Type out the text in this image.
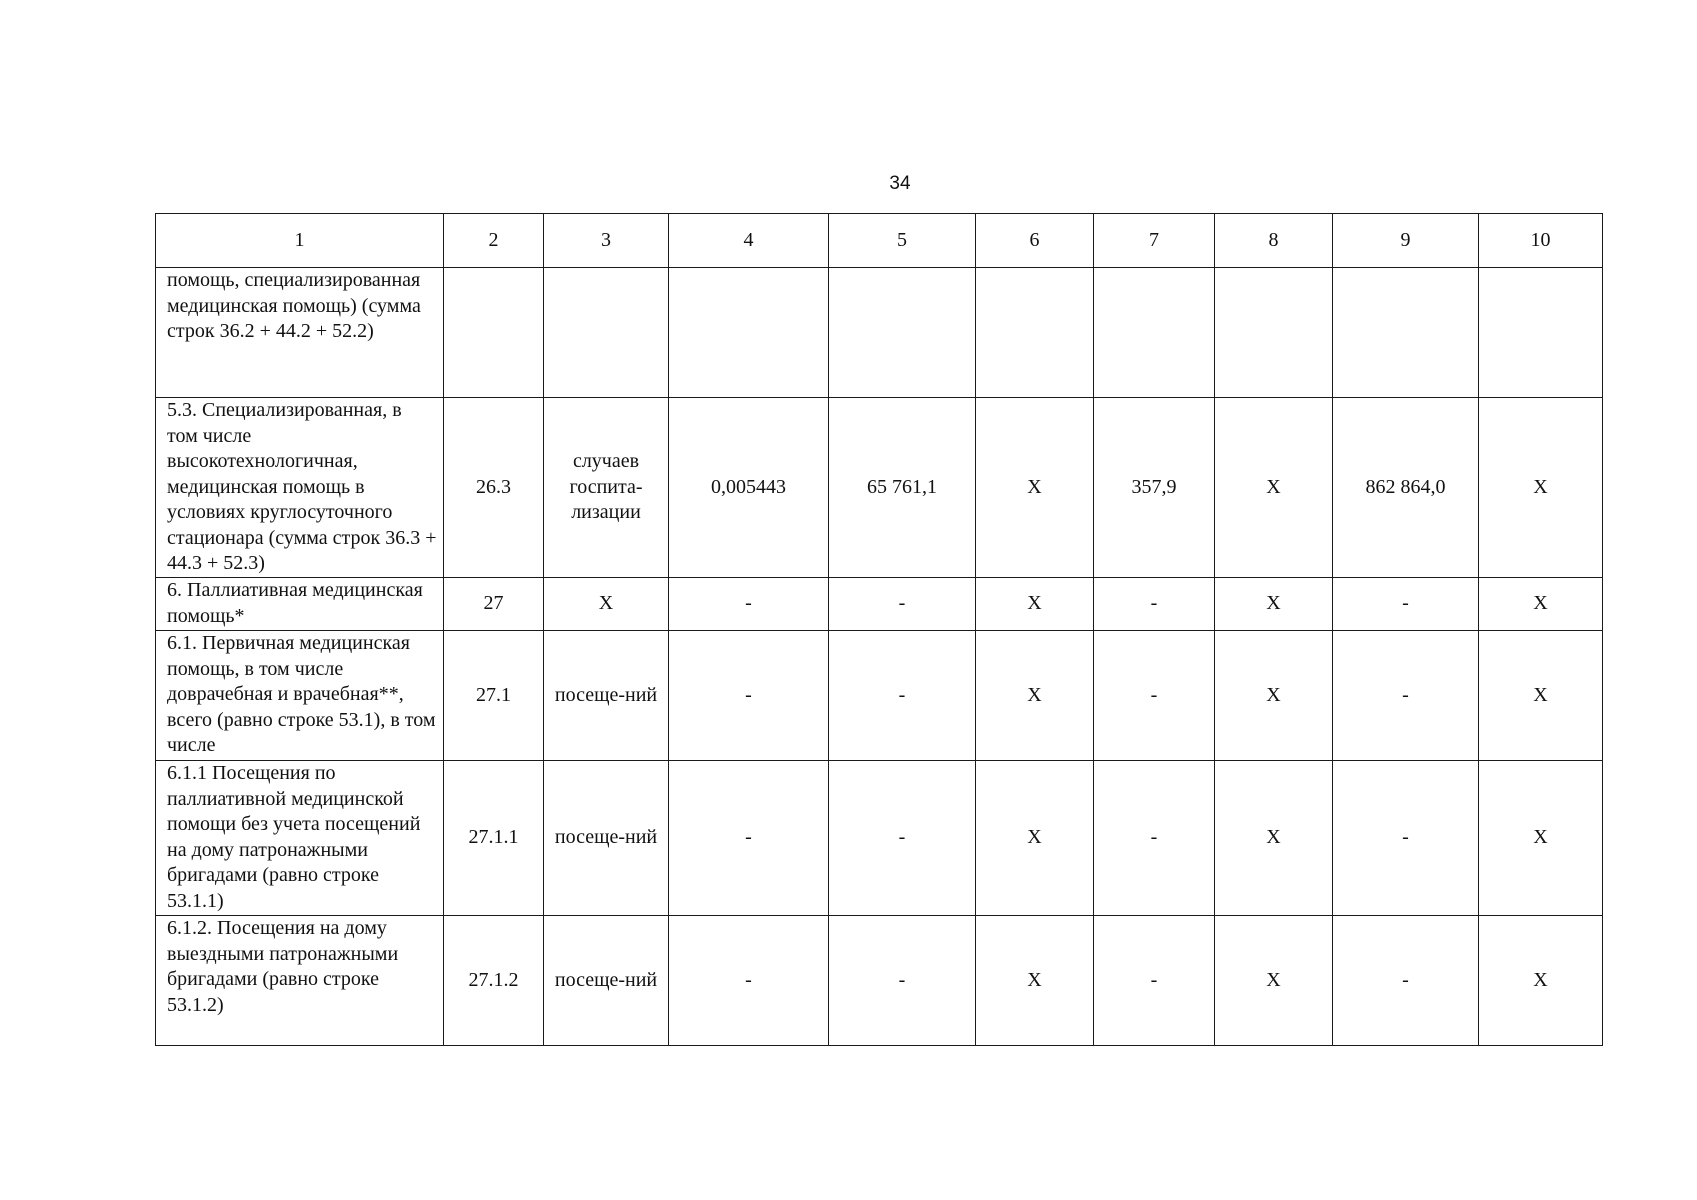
34
1	2	3	4	5	6	7	8	9	10

помощь, специализированная медицинская помощь) (сумма строк 36.2 + 44.2 + 52.2)									

5.3. Специализированная, в том числе высокотехнологичная, медицинская помощь в условиях круглосуточного стационара (сумма строк 36.3 + 44.3 + 52.3)	26.3	случаев госпита-лизации	0,005443	65 761,1	Х	357,9	Х	862 864,0	Х

6. Паллиативная медицинская помощь*	27	Х	-	-	Х	-	Х	-	Х

6.1. Первичная медицинская помощь, в том числе доврачебная и врачебная**, всего (равно строке 53.1), в том числе	27.1	посеще-ний	-	-	Х	-	Х	-	Х

6.1.1 Посещения по паллиативной медицинской помощи без учета посещений на дому патронажными бригадами (равно строке 53.1.1)	27.1.1	посеще-ний	-	-	Х	-	Х	-	Х

6.1.2. Посещения на дому выездными патронажными бригадами (равно строке 53.1.2)	27.1.2	посеще-ний	-	-	Х	-	Х	-	Х
